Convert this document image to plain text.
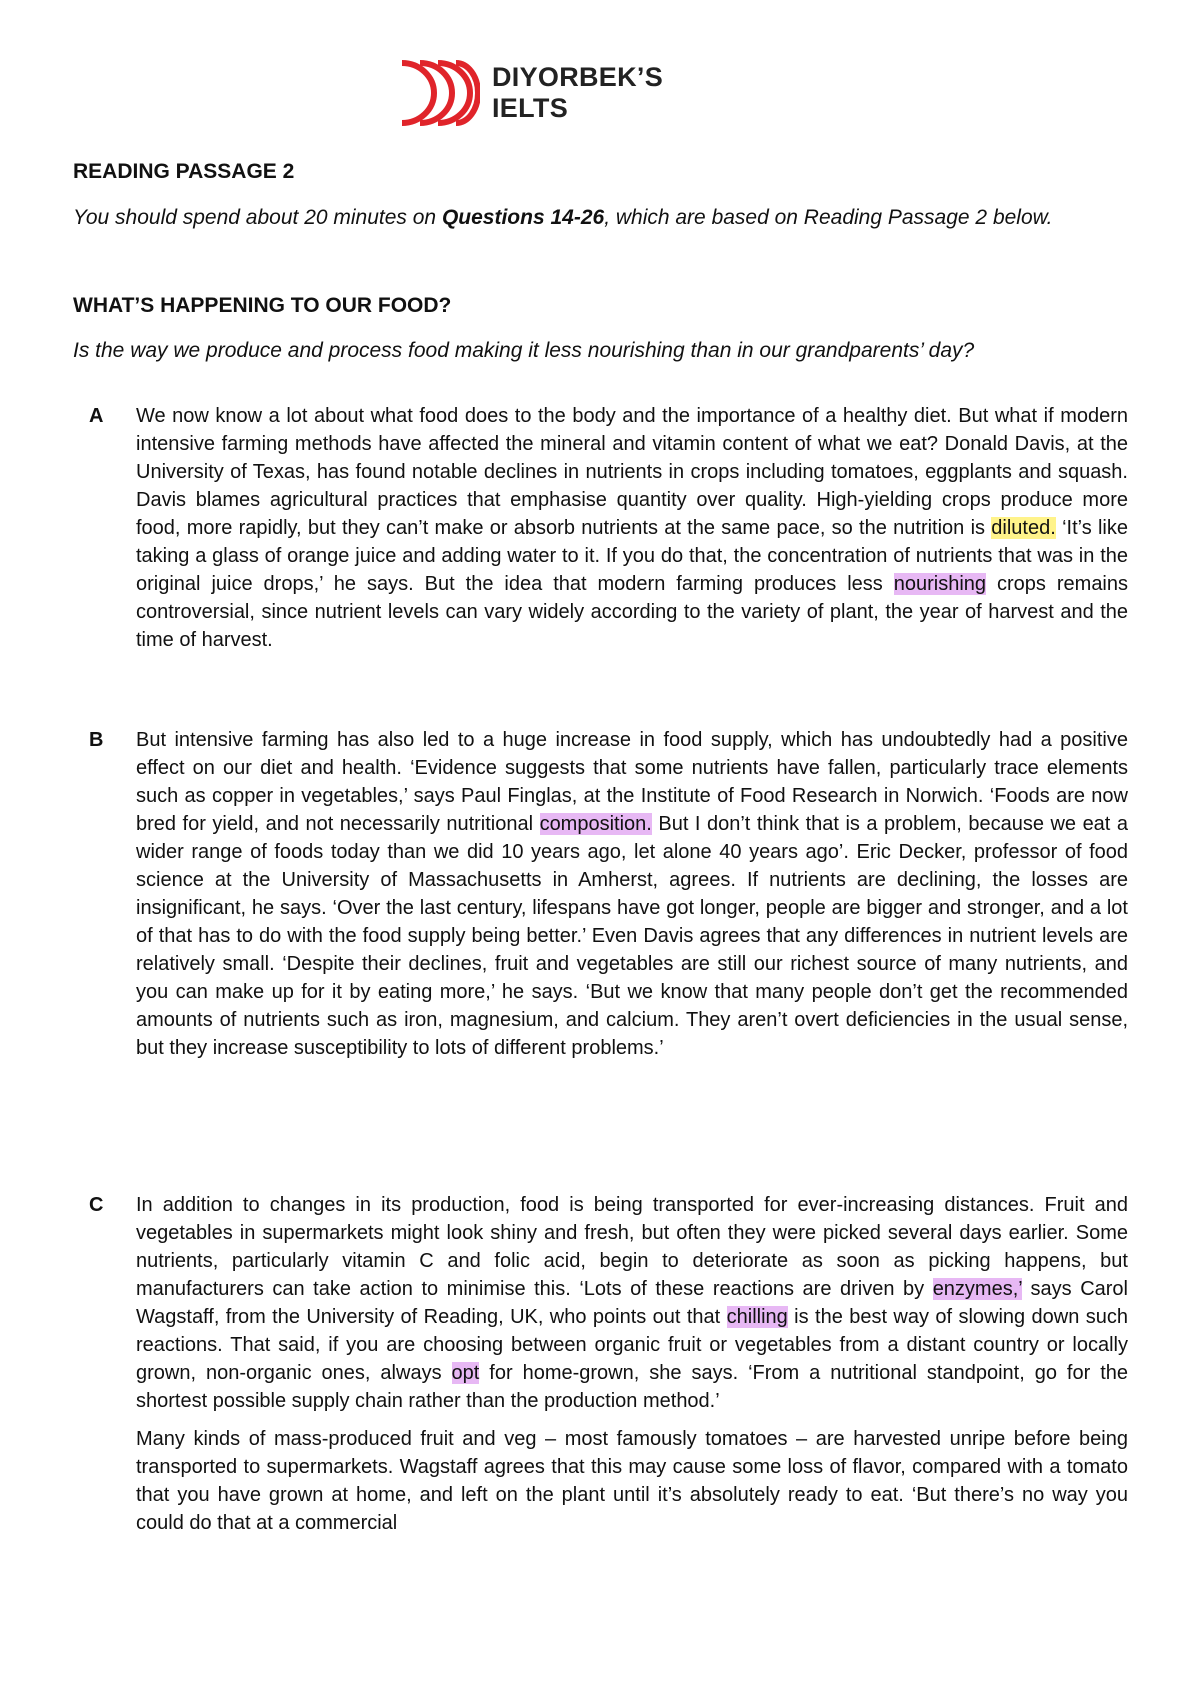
DIYORBEK’S
IELTS
READING PASSAGE 2

You should spend about 20 minutes on Questions 14-26, which are based on Reading Passage 2 below.

WHAT’S HAPPENING TO OUR FOOD?

Is the way we produce and process food making it less nourishing than in our grandparents’ day?

A We now know a lot about what food does to the body and the importance of a healthy diet. But what if modern intensive farming methods have affected the mineral and vitamin content of what we eat? Donald Davis, at the University of Texas, has found notable declines in nutrients in crops including tomatoes, eggplants and squash. Davis blames agricultural practices that emphasise quantity over quality. High-yielding crops produce more food, more rapidly, but they can’t make or absorb nutrients at the same pace, so the nutrition is diluted. ‘It’s like taking a glass of orange juice and adding water to it. If you do that, the concentration of nutrients that was in the original juice drops,’ he says. But the idea that modern farming produces less nourishing crops remains controversial, since nutrient levels can vary widely according to the variety of plant, the year of harvest and the time of harvest.

B But intensive farming has also led to a huge increase in food supply, which has undoubtedly had a positive effect on our diet and health. ‘Evidence suggests that some nutrients have fallen, particularly trace elements such as copper in vegetables,’ says Paul Finglas, at the Institute of Food Research in Norwich. ‘Foods are now bred for yield, and not necessarily nutritional composition. But I don’t think that is a problem, because we eat a wider range of foods today than we did 10 years ago, let alone 40 years ago’. Eric Decker, professor of food science at the University of Massachusetts in Amherst, agrees. If nutrients are declining, the losses are insignificant, he says. ‘Over the last century, lifespans have got longer, people are bigger and stronger, and a lot of that has to do with the food supply being better.’ Even Davis agrees that any differences in nutrient levels are relatively small. ‘Despite their declines, fruit and vegetables are still our richest source of many nutrients, and you can make up for it by eating more,’ he says. ‘But we know that many people don’t get the recommended amounts of nutrients such as iron, magnesium, and calcium. They aren’t overt deficiencies in the usual sense, but they increase susceptibility to lots of different problems.’

C In addition to changes in its production, food is being transported for ever-increasing distances. Fruit and vegetables in supermarkets might look shiny and fresh, but often they were picked several days earlier. Some nutrients, particularly vitamin C and folic acid, begin to deteriorate as soon as picking happens, but manufacturers can take action to minimise this. ‘Lots of these reactions are driven by enzymes,’ says Carol Wagstaff, from the University of Reading, UK, who points out that chilling is the best way of slowing down such reactions. That said, if you are choosing between organic fruit or vegetables from a distant country or locally grown, non-organic ones, always opt for home-grown, she says. ‘From a nutritional standpoint, go for the shortest possible supply chain rather than the production method.’

Many kinds of mass-produced fruit and veg – most famously tomatoes – are harvested unripe before being transported to supermarkets. Wagstaff agrees that this may cause some loss of flavor, compared with a tomato that you have grown at home, and left on the plant until it’s absolutely ready to eat. ‘But there’s no way you could do that at a commercial
